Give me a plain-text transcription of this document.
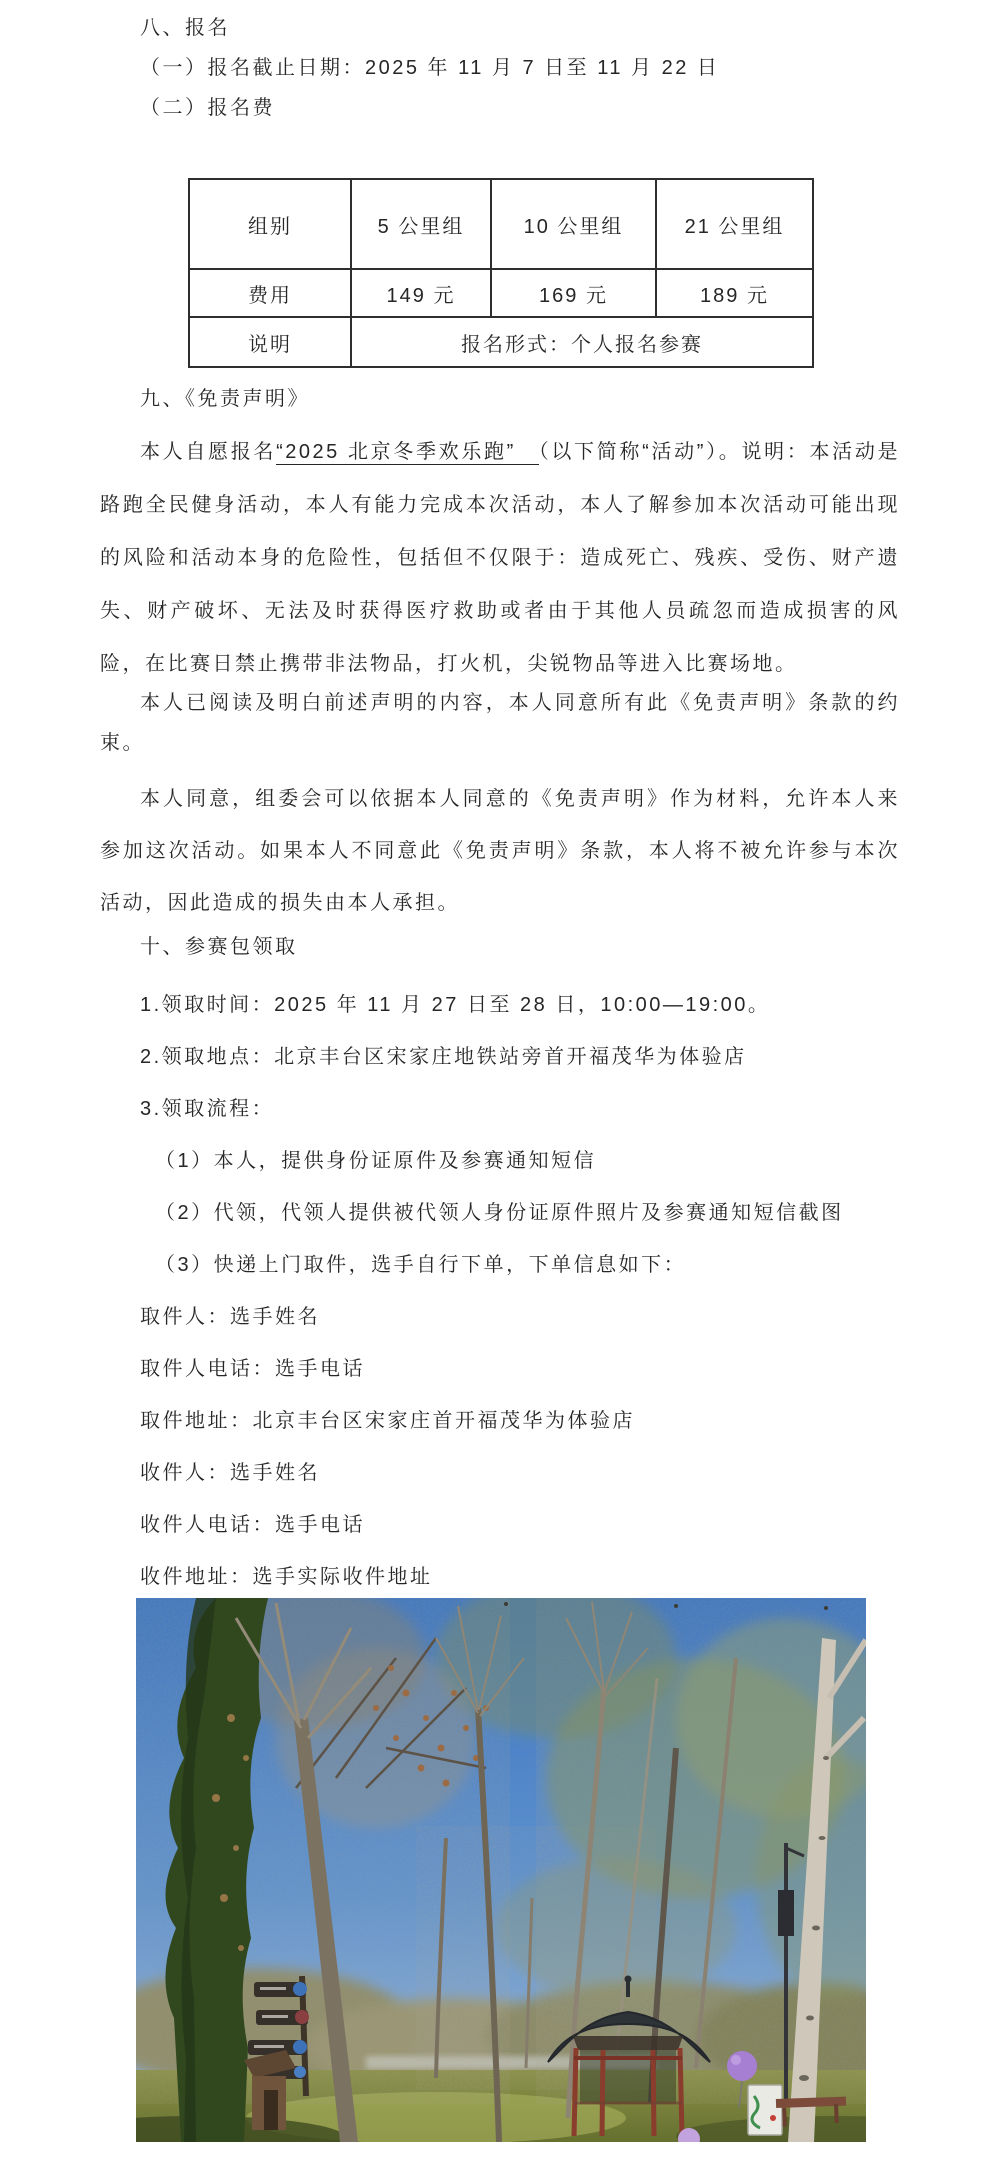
八、报名
（一）报名截止日期：2025 年 11 月 7 日至 11 月 22 日
（二）报名费
组别	5 公里组	10 公里组	21 公里组
费用	149 元	169 元	189 元
说明	报名形式：个人报名参赛		
九、《免责声明》
本人自愿报名“2025 北京冬季欢乐跑”　（以下简称“活动”）。说明：本活动是路跑全民健身活动，本人有能力完成本次活动，本人了解参加本次活动可能出现的风险和活动本身的危险性，包括但不仅限于：造成死亡、残疾、受伤、财产遗失、财产破坏、无法及时获得医疗救助或者由于其他人员疏忽而造成损害的风险，在比赛日禁止携带非法物品，打火机，尖锐物品等进入比赛场地。
本人已阅读及明白前述声明的内容，本人同意所有此《免责声明》条款的约束。
本人同意，组委会可以依据本人同意的《免责声明》作为材料，允许本人来参加这次活动。如果本人不同意此《免责声明》条款，本人将不被允许参与本次活动，因此造成的损失由本人承担。
十、参赛包领取
1.领取时间：2025 年 11 月 27 日至 28 日，10:00—19:00。
2.领取地点：北京丰台区宋家庄地铁站旁首开福茂华为体验店
3.领取流程：
（1）本人，提供身份证原件及参赛通知短信
（2）代领，代领人提供被代领人身份证原件照片及参赛通知短信截图
（3）快递上门取件，选手自行下单，下单信息如下：
取件人：选手姓名
取件人电话：选手电话
取件地址：北京丰台区宋家庄首开福茂华为体验店
收件人：选手姓名
收件人电话：选手电话
收件地址：选手实际收件地址
